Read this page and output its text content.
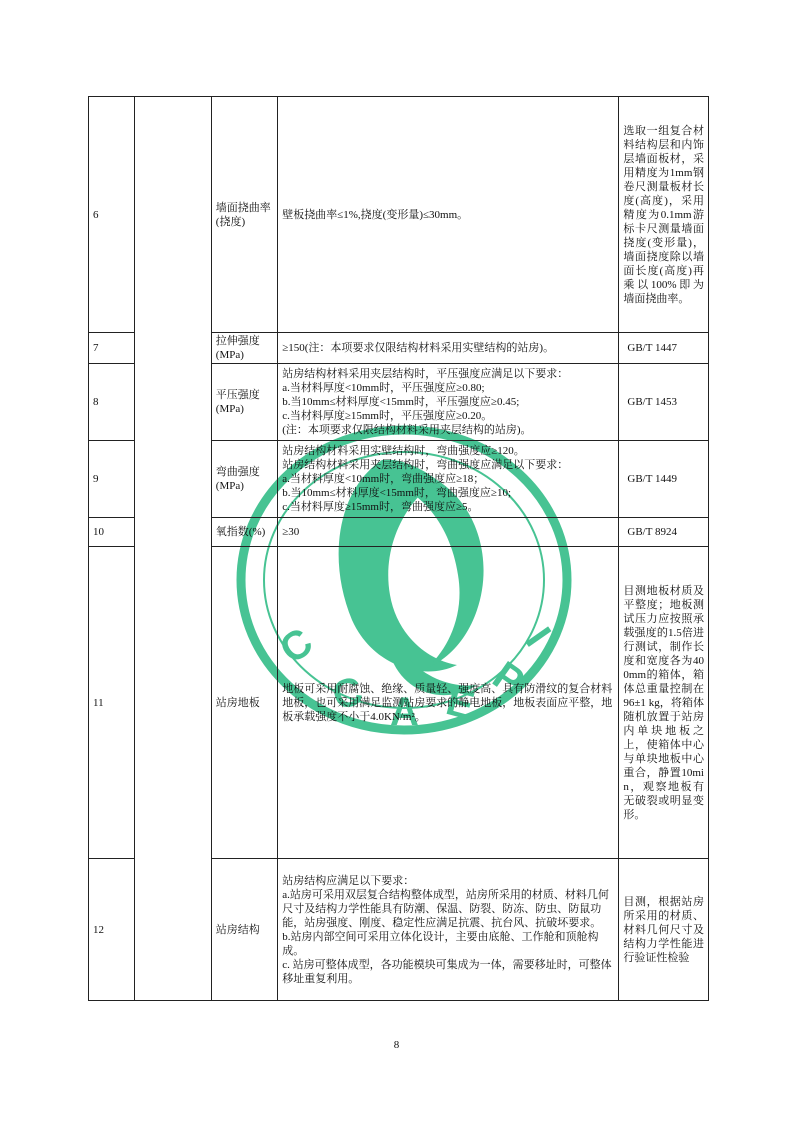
C
C A E P
I
6		墙面挠曲率(挠度)	壁板挠曲率≤1%,挠度(变形量)≤30mm。	选取一组复合材料结构层和内饰层墙面板材，采用精度为1mm钢卷尺测量板材长度(高度)，采用精度为0.1mm游标卡尺测量墙面挠度(变形量)，墙面挠度除以墙面长度(高度)再乘以100%即为墙面挠曲率。
7		拉伸强度(MPa)	≥150(注：本项要求仅限结构材料采用实壁结构的站房)。	GB/T 1447
8		平压强度(MPa)	站房结构材料采用夹层结构时，平压强度应满足以下要求：
a.当材料厚度<10mm时，平压强度应≥0.80;
b.当10mm≤材料厚度<15mm时，平压强度应≥0.45;
c.当材料厚度≥15mm时，平压强度应≥0.20。
(注：本项要求仅限结构材料采用夹层结构的站房)。	GB/T 1453
9		弯曲强度(MPa)	站房结构材料采用实壁结构时，弯曲强度应≥120。
站房结构材料采用夹层结构时，弯曲强度应满足以下要求：
a.当材料厚度<10mm时，弯曲强度应≥18；
b.当10mm≤材料厚度<15mm时，弯曲强度应≥10;
c.当材料厚度≥15mm时，弯曲强度应≥5。	GB/T 1449
10		氧指数(%)	≥30	GB/T 8924
11		站房地板	地板可采用耐腐蚀、绝缘、质量轻、强度高、具有防滑纹的复合材料地板，也可采用满足监测站房要求的静电地板，地板表面应平整，地板承载强度不小于4.0KN/m²。	目测地板材质及平整度；地板测试压力应按照承载强度的1.5倍进行测试，制作长度和宽度各为400mm的箱体，箱体总重量控制在96±1 kg，将箱体随机放置于站房内单块地板之上，使箱体中心与单块地板中心重合，静置10min，观察地板有无破裂或明显变形。
12		站房结构	站房结构应满足以下要求：
a.站房可采用双层复合结构整体成型，站房所采用的材质、材料几何尺寸及结构力学性能具有防潮、保温、防裂、防冻、防虫、防鼠功能，站房强度、刚度、稳定性应满足抗震、抗台风、抗破坏要求。
b.站房内部空间可采用立体化设计，主要由底舱、工作舱和顶舱构成。
c. 站房可整体成型，各功能模块可集成为一体，需要移址时，可整体移址重复利用。	目测，根据站房所采用的材质、材料几何尺寸及结构力学性能进行验证性检验
8
